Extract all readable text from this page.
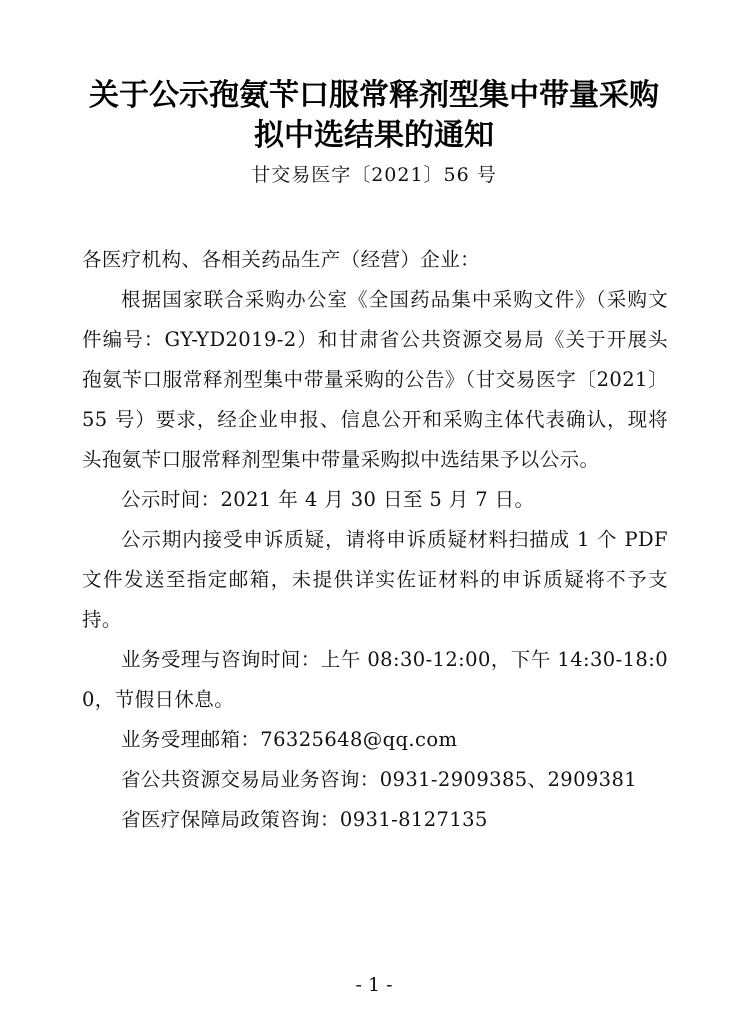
关于公示孢氨苄口服常释剂型集中带量采购
拟中选结果的通知
甘交易医字〔2021〕56 号

各医疗机构、各相关药品生产（经营）企业：

根据国家联合采购办公室《全国药品集中采购文件》（采购文件编号：GY-YD2019-2）和甘肃省公共资源交易局《关于开展头孢氨苄口服常释剂型集中带量采购的公告》（甘交易医字〔2021〕55 号）要求，经企业申报、信息公开和采购主体代表确认，现将头孢氨苄口服常释剂型集中带量采购拟中选结果予以公示。

公示时间：2021 年 4 月 30 日至 5 月 7 日。

公示期内接受申诉质疑，请将申诉质疑材料扫描成 1 个 PDF 文件发送至指定邮箱，未提供详实佐证材料的申诉质疑将不予支持。

业务受理与咨询时间：上午 08:30-12:00，下午 14:30-18:00，节假日休息。

业务受理邮箱：76325648@qq.com

省公共资源交易局业务咨询：0931-2909385、2909381

省医疗保障局政策咨询：0931-8127135

- 1 -
